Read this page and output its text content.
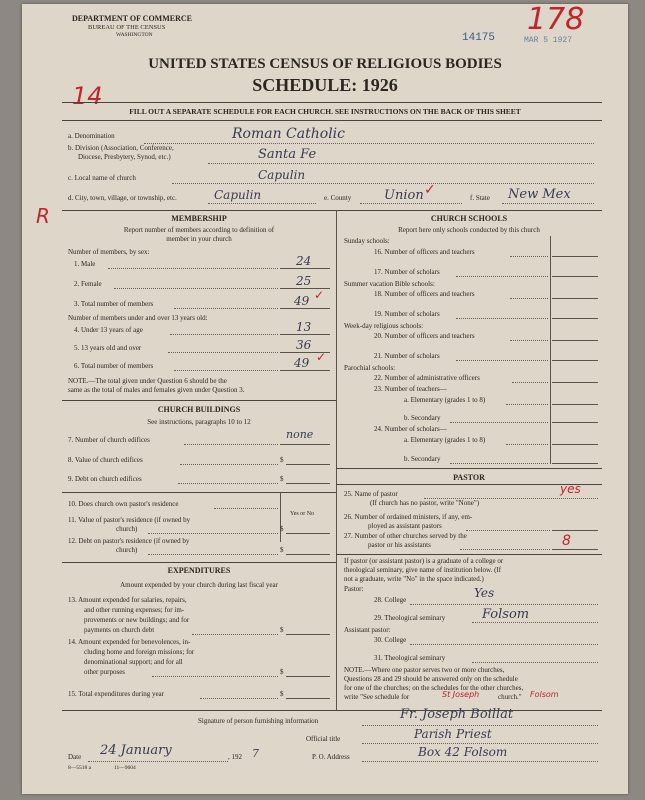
DEPARTMENT OF COMMERCE
BUREAU OF THE CENSUS
WASHINGTON	14175	MAR 5 1927
178
14
UNITED STATES CENSUS OF RELIGIOUS BODIES
SCHEDULE: 1926
FILL OUT A SEPARATE SCHEDULE FOR EACH CHURCH. SEE INSTRUCTIONS ON THE BACK OF THIS SHEET
a. Denomination	Roman Catholic
b. Division (Association, Conference,
Diocese, Presbytery, Synod, etc.)	Santa Fe
c. Local name of church	Capulin
d. City, town, village, or township, etc.	Capulin	e. County	Union ✓	f. State New Mex
R	MEMBERSHIP
Report number of members according to definition of
member in your church
Number of members, by sex:
1. Male	24
2. Female	25
3. Total number of members	49 ✓
Number of members under and over 13 years old:
4. Under 13 years of age	13
5. 13 years old and over	36
6. Total number of members	49 ✓
NOTE.—The total given under Question 6 should be the
same as the total of males and females given under Question 3.
CHURCH BUILDINGS
See instructions, paragraphs 10 to 12
7. Number of church edifices	none
8. Value of church edifices	$
9. Debt on church edifices	$
10. Does church own pastor's residence
Yes or No
11. Value of pastor's residence (if owned by
church)	$
12. Debt on pastor's residence (if owned by
church)	$
EXPENDITURES
Amount expended by your church during last fiscal year
13. Amount expended for salaries, repairs,
and other running expenses; for im-
provements or new buildings; and for
payments on church debt	$
14. Amount expended for benevolences, in-
cluding home and foreign missions; for
denominational support; and for all
other purposes	$
15. Total expenditures during year	$
CHURCH SCHOOLS
Report here only schools conducted by this church
Sunday schools:
16. Number of officers and teachers
17. Number of scholars
Summer vacation Bible schools:
18. Number of officers and teachers
19. Number of scholars
Week-day religious schools:
20. Number of officers and teachers
21. Number of scholars
Parochial schools:
22. Number of administrative officers
23. Number of teachers—
a. Elementary (grades 1 to 8)
b. Secondary
24. Number of scholars—
a. Elementary (grades 1 to 8)
b. Secondary
PASTOR
25. Name of pastor
(If church has no pastor, write "None")
yes
26. Number of ordained ministers, if any, em-
ployed as assistant pastors
27. Number of other churches served by the
pastor or his assistants	8
If pastor (or assistant pastor) is a graduate of a college or
theological seminary, give name of institution below. (If
not a graduate, write "No" in the space indicated.)
Pastor:
28. College	Yes
29. Theological seminary	Folsom
Assistant pastor:
30. College
31. Theological seminary
NOTE.—Where one pastor serves two or more churches,
Questions 28 and 29 should be answered only on the schedule
for one of the churches; on the schedules for the other churches,
write "See schedule for	St Joseph	church." Folsom
Signature of person furnishing information	Fr. Joseph Boillat
Official title	Parish Priest
Date 24 January	, 192 7
8—5518 a	11—9604
P. O. Address	Box 42 Folsom
